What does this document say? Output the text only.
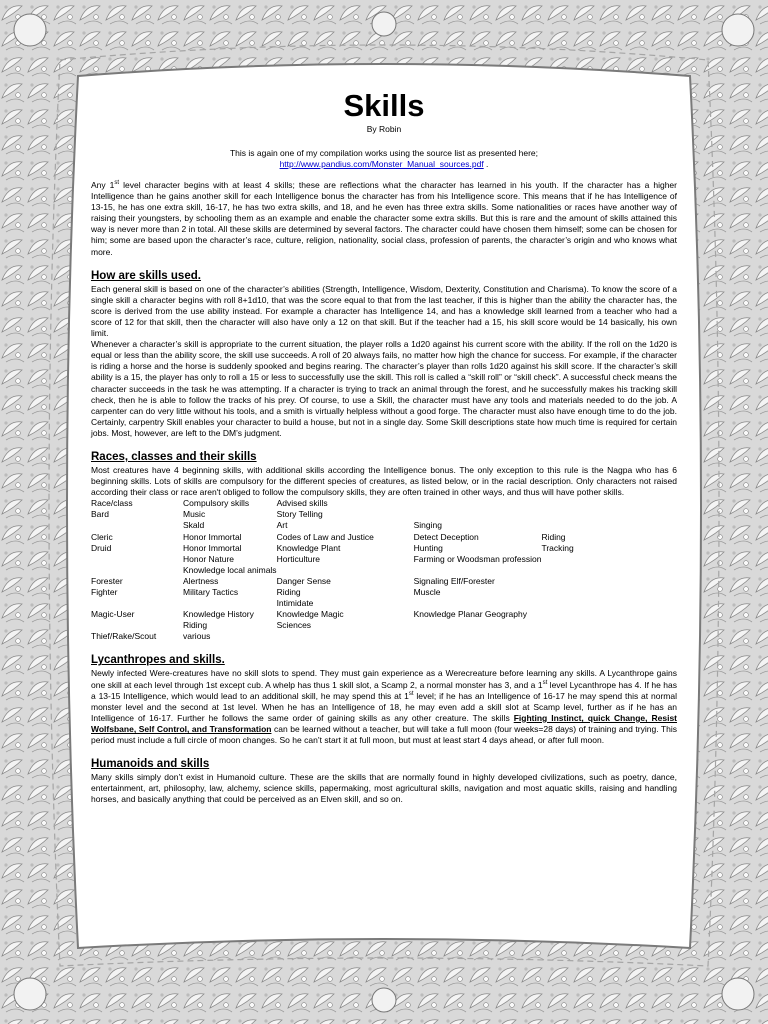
Skills
By Robin
This is again one of my compilation works using the source list as presented here;
http://www.pandius.com/Monster_Manual_sources.pdf .

Any 1st level character begins with at least 4 skills; these are reflections what the character has learned in his youth. If the character has a higher Intelligence than he gains another skill for each Intelligence bonus the character has from his Intelligence score. This means that if he has Intelligence of 13-15, he has one extra skill, 16-17, he has two extra skills, and 18, and he even has three extra skills. Some nationalities or races have another way of raising their youngsters, by schooling them as an example and enable the character some extra skills. But this is rare and the amount of skills attained this way is never more than 2 in total. All these skills are determined by several factors. The character could have chosen them himself; some can be chosen for him; some are based upon the character’s race, culture, religion, nationality, social class, profession of parents, the character’s origin and who knows what more.

How are skills used.

Each general skill is based on one of the character’s abilities (Strength, Intelligence, Wisdom, Dexterity, Constitution and Charisma). To know the score of a single skill a character begins with roll 8+1d10, that was the score equal to that from the last teacher, if this is higher than the ability the character has, the score is derived from the use ability instead. For example a character has Intelligence 14, and has a knowledge skill learned from a teacher who had a score of 12 for that skill, then the character will also have only a 12 on that skill. But if the teacher had a 15, his skill score would be 14 basically, his own limit.

Whenever a character’s skill is appropriate to the current situation, the player rolls a 1d20 against his current score with the ability. If the roll on the 1d20 is equal or less than the ability score, the skill use succeeds. A roll of 20 always fails, no matter how high the chance for success. For example, if the character is riding a horse and the horse is suddenly spooked and begins rearing. The character’s player than rolls 1d20 against his skill score. If the character’s skill ability is a 15, the player has only to roll a 15 or less to successfully use the skill. This roll is called a “skill roll” or “skill check”. A successful check means the character succeeds in the task he was attempting. If a character is trying to track an animal through the forest, and he successfully makes his tracking skill check, then he is able to follow the tracks of his prey. Of course, to use a Skill, the character must have any tools and materials needed to do the job. A carpenter can do very little without his tools, and a smith is virtually helpless without a good forge. The character must also have enough time to do the job. Certainly, carpentry Skill enables your character to build a house, but not in a single day. Some Skill descriptions state how much time is required for certain jobs. Most, however, are left to the DM’s judgment.

Races, classes and their skills

Most creatures have 4 beginning skills, with additional skills according the Intelligence bonus. The only exception to this rule is the Nagpa who has 6 beginning skills. Lots of skills are compulsory for the different species of creatures, as listed below, or in the racial description. Only characters not raised according their class or race aren't obliged to follow the compulsory skills, they are often trained in other ways, and thus will have pother skills.

Race/class	Compulsory skills	Advised skills		
Bard	Music	Story Telling		
	Skald	Art	Singing	
Cleric	Honor Immortal	Codes of Law and Justice	Detect Deception	Riding
Druid	Honor Immortal	Knowledge Plant	Hunting	Tracking
	Honor Nature	Horticulture	Farming or Woodsman profession	
	Knowledge local animals			
Forester	Alertness	Danger Sense	Signaling Elf/Forester	
Fighter	Military Tactics	Riding	Muscle	
		Intimidate		
Magic-User	Knowledge History	Knowledge Magic	Knowledge Planar Geography	
	Riding	Sciences		
Thief/Rake/Scout	various			
Lycanthropes and skills.

Newly infected Were-creatures have no skill slots to spend. They must gain experience as a Werecreature before learning any skills. A Lycanthrope gains one skill at each level through 1st except cub. A whelp has thus 1 skill slot, a Scamp 2, a normal monster has 3, and a 1st level Lycanthrope has 4. If he has a 13-15 Intelligence, which would lead to an additional skill, he may spend this at 1st level; if he has an Intelligence of 16-17 he may spend this at normal monster level and the second at 1st level. When he has an Intelligence of 18, he may even add a skill slot at Scamp level, further as if he has an Intelligence of 16-17. Further he follows the same order of gaining skills as any other creature. The skills Fighting Instinct, quick Change, Resist Wolfsbane, Self Control, and Transformation can be learned without a teacher, but will take a full moon (four weeks=28 days) of training and trying. This period must include a full circle of moon changes. So he can’t start it at full moon, but must at least start 4 days ahead, or after full moon.

Humanoids and skills

Many skills simply don’t exist in Humanoid culture. These are the skills that are normally found in highly developed civilizations, such as poetry, dance, entertainment, art, philosophy, law, alchemy, science skills, papermaking, most agricultural skills, navigation and most aquatic skills, raising and handling horses, and basically anything that could be perceived as an Elven skill, and so on.
